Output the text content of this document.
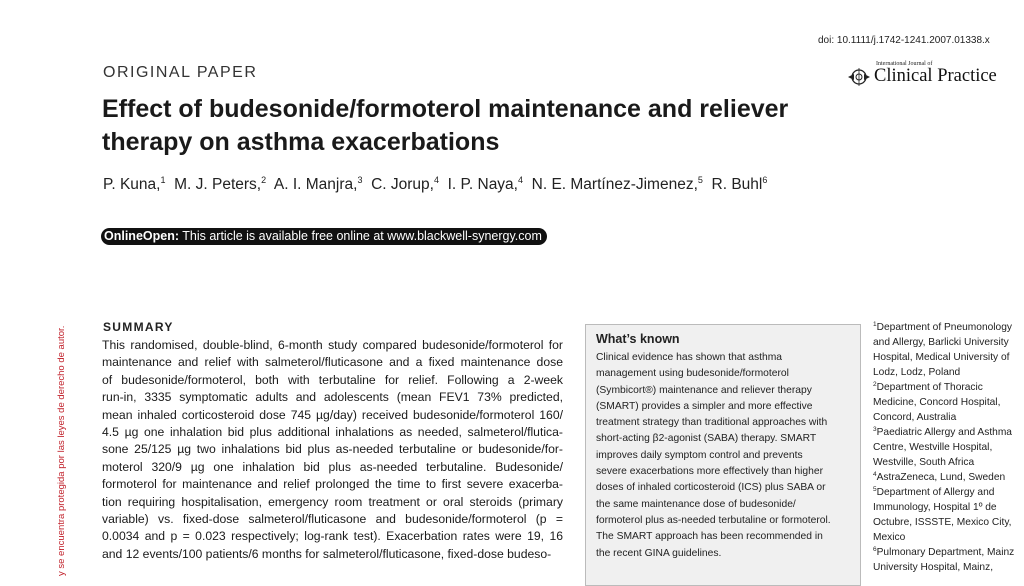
doi: 10.1111/j.1742-1241.2007.01338.x
International Journal of
Clinical Practice
ORIGINAL PAPER
Effect of budesonide/formoterol maintenance and reliever therapy on asthma exacerbations
P. Kuna,$^1$ M. J. Peters,$^2$ A. I. Manjra,$^3$ C. Jorup,$^4$ I. P. Naya,$^4$ N. E. Martínez-Jimenez,$^5$ R. Buhl$^6$
OnlineOpen: This article is available free online at www.blackwell-synergy.com
y se encuentra protegida por las leyes de derecho de autor.	SUMMARY
This randomised, double-blind, 6-month study compared budesonide/formoterol for
maintenance and relief with salmeterol/fluticasone and a fixed maintenance dose
of budesonide/formoterol, both with terbutaline for relief. Following a 2-week
run-in, 3335 symptomatic adults and adolescents (mean FEV1 73% predicted,
mean inhaled corticosteroid dose 745 µg/day) received budesonide/formoterol 160/
4.5 µg one inhalation bid plus additional inhalations as needed, salmeterol/flutica-
sone 25/125 µg two inhalations bid plus as-needed terbutaline or budesonide/for-
moterol 320/9 µg one inhalation bid plus as-needed terbutaline. Budesonide/
formoterol for maintenance and relief prolonged the time to first severe exacerba-
tion requiring hospitalisation, emergency room treatment or oral steroids (primary
variable) vs. fixed-dose salmeterol/fluticasone and budesonide/formoterol (p =
0.0034 and p = 0.023 respectively; log-rank test). Exacerbation rates were 19, 16
and 12 events/100 patients/6 months for salmeterol/fluticasone, fixed-dose budeso-
What’s known
Clinical evidence has shown that asthma
management using budesonide/formoterol
(Symbicort®) maintenance and reliever therapy
(SMART) provides a simpler and more effective
treatment strategy than traditional approaches with
short-acting β2-agonist (SABA) therapy. SMART
improves daily symptom control and prevents
severe exacerbations more effectively than higher
doses of inhaled corticosteroid (ICS) plus SABA or
the same maintenance dose of budesonide/
formoterol plus as-needed terbutaline or formoterol.
The SMART approach has been recommended in
the recent GINA guidelines.
$^1$Department of Pneumonology
and Allergy, Barlicki University
Hospital, Medical University of
Lodz, Lodz, Poland
$^2$Department of Thoracic
Medicine, Concord Hospital,
Concord, Australia
$^3$Paediatric Allergy and Asthma
Centre, Westville Hospital,
Westville, South Africa
$^4$AstraZeneca, Lund, Sweden
$^5$Department of Allergy and
Immunology, Hospital 1º de
Octubre, ISSSTE, Mexico City,
Mexico
$^6$Pulmonary Department, Mainz
University Hospital, Mainz,
